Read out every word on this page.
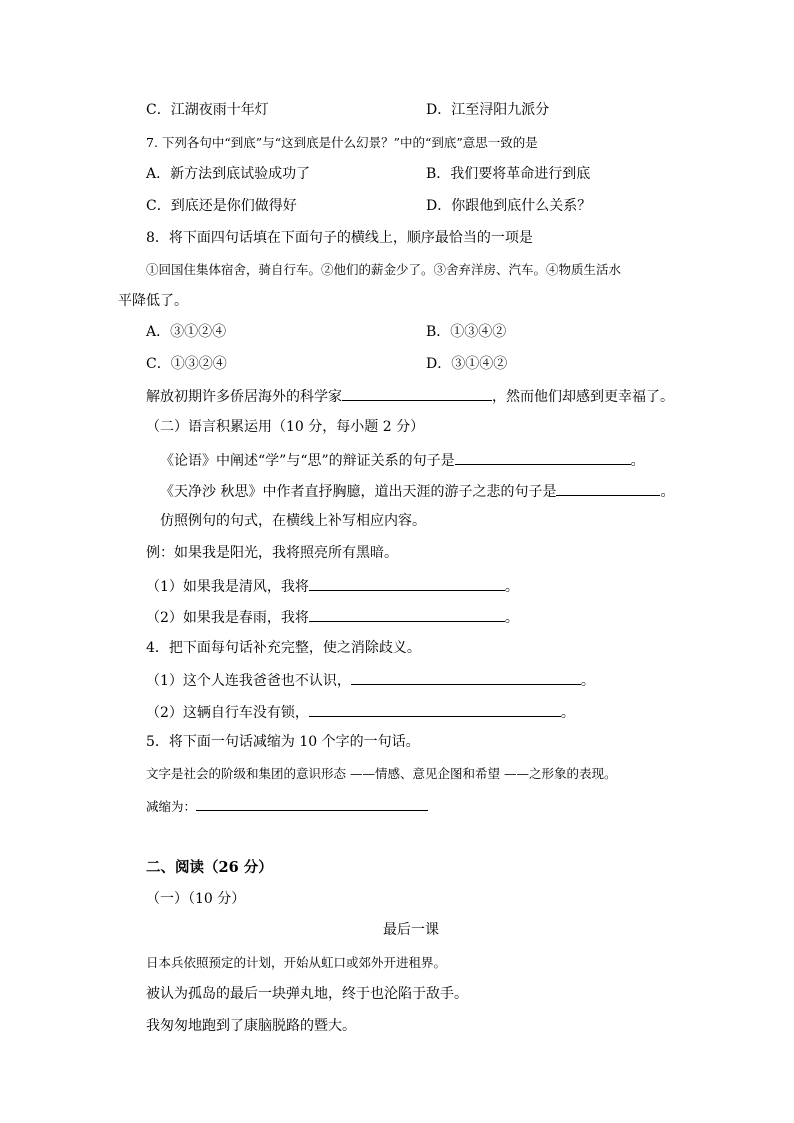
C．江湖夜雨十年灯	D．江至浔阳九派分
7. 下列各句中“到底”与“这到底是什么幻景？”中的“到底”意思一致的是
A．新方法到底试验成功了	B．我们要将革命进行到底
C．到底还是你们做得好	D．你跟他到底什么关系？
8．将下面四句话填在下面句子的横线上，顺序最恰当的一项是
①回国住集体宿舍，骑自行车。②他们的薪金少了。③舍弃洋房、汽车。④物质生活水
平降低了。
A．③①②④	B．①③④②
C．①③②④	D．③①④②
解放初期许多侨居海外的科学家	，然而他们却感到更幸福了。
（二）语言积累运用（10 分，每小题 2 分）
《论语》中阐述“学”与“思”的辩证关系的句子是	。
《天净沙 秋思》中作者直抒胸臆，道出天涯的游子之悲的句子是	。
仿照例句的句式，在横线上补写相应内容。
例：如果我是阳光，我将照亮所有黑暗。
（1）如果我是清风，我将	。
（2）如果我是春雨，我将	。
4．把下面每句话补充完整，使之消除歧义。
（1）这个人连我爸爸也不认识，	。
（2）这辆自行车没有锁，	。
5．将下面一句话减缩为 10 个字的一句话。
文字是社会的阶级和集团的意识形态 ——情感、意见企图和希望 ——之形象的表现。
减缩为：
二、阅读（26 分）
（一）（10 分）
最后一课
日本兵依照预定的计划，开始从虹口或郊外开进租界。
被认为孤岛的最后一块弹丸地，终于也沦陷于敌手。
我匆匆地跑到了康脑脱路的暨大。
